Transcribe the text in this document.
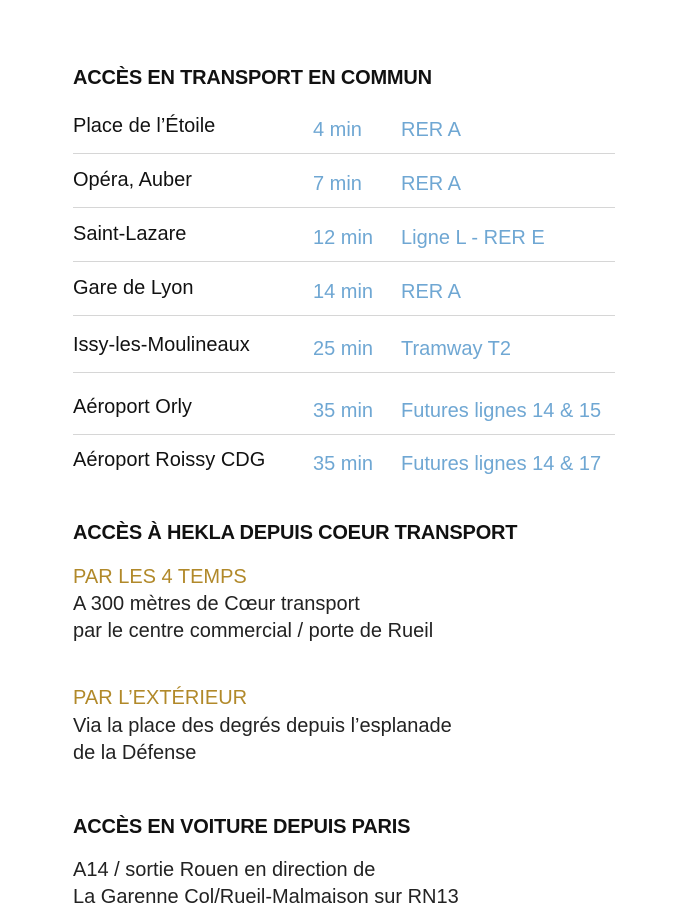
ACCÈS EN TRANSPORT EN COMMUN
Place de l’Étoile	4 min RER A
Opéra, Auber	7 min RER A
Saint-Lazare	12 min Ligne L - RER E
Gare de Lyon	14 min RER A
Issy-les-Moulineaux	25 min Tramway T2
Aéroport Orly	35 min Futures lignes 14 & 15
Aéroport Roissy CDG 35 min Futures lignes 14 & 17
ACCÈS À HEKLA DEPUIS COEUR TRANSPORT

PAR LES 4 TEMPS

A 300 mètres de Cœur transport

par le centre commercial / porte de Rueil

PAR L’EXTÉRIEUR

Via la place des degrés depuis l’esplanade

de la Défense

ACCÈS EN VOITURE DEPUIS PARIS

A14 / sortie Rouen en direction de

La Garenne Col/Rueil-Malmaison sur RN13
